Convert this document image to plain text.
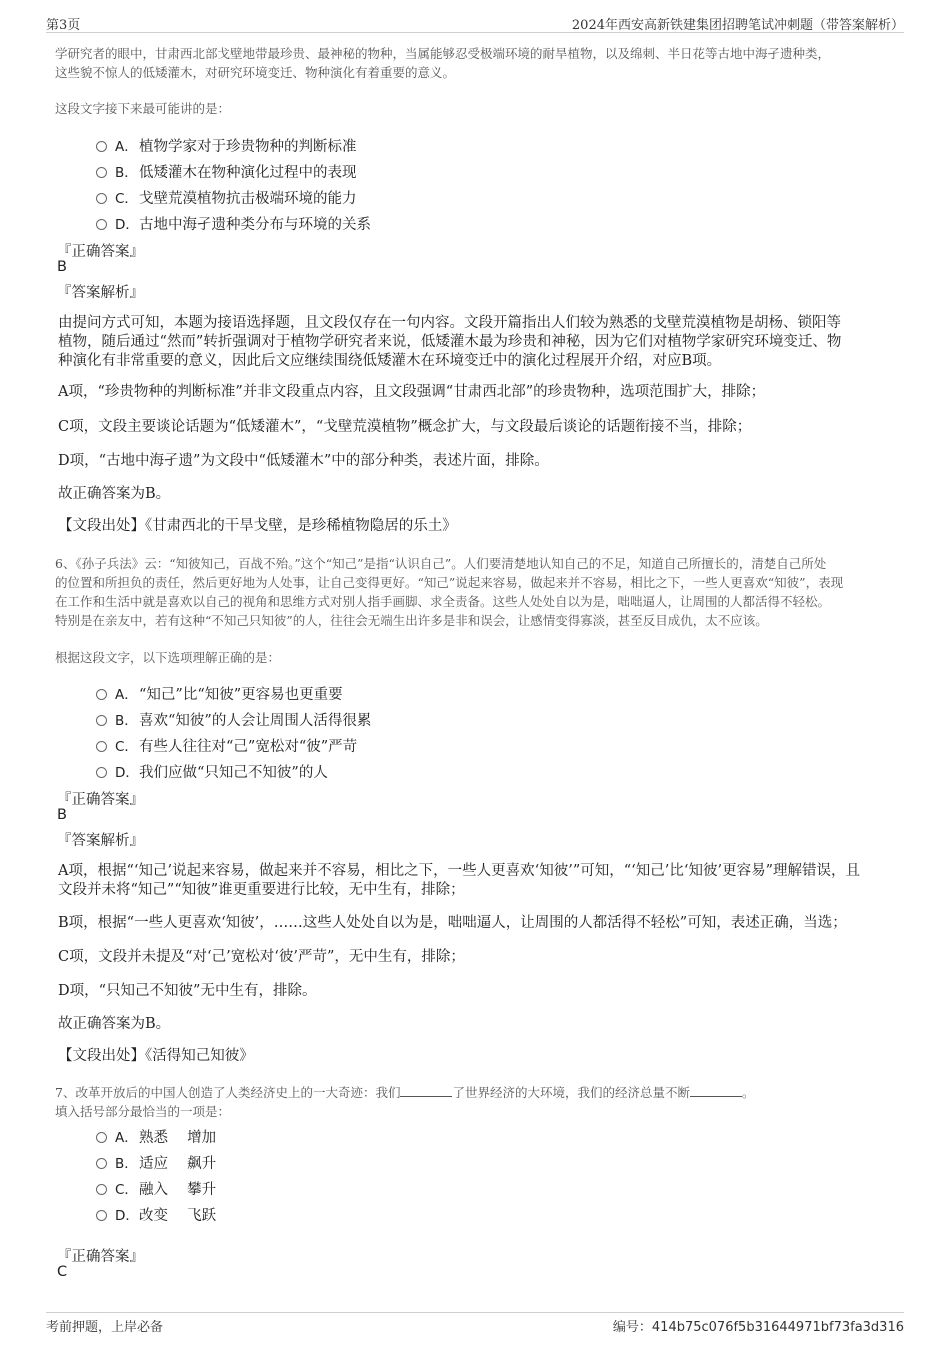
第3页	2024年西安高新铁建集团招聘笔试冲刺题（带答案解析）
学研究者的眼中，甘肃西北部戈壁地带最珍贵、最神秘的物种，当属能够忍受极端环境的耐旱植物，以及绵刺、半日花等古地中海孑遗种类，
这些貌不惊人的低矮灌木，对研究环境变迁、物种演化有着重要的意义。
这段文字接下来最可能讲的是：
A．植物学家对于珍贵物种的判断标准
B．低矮灌木在物种演化过程中的表现
C．戈壁荒漠植物抗击极端环境的能力
D．古地中海孑遗种类分布与环境的关系
『正确答案』
B
『答案解析』
由提问方式可知，本题为接语选择题，且文段仅存在一句内容。文段开篇指出人们较为熟悉的戈壁荒漠植物是胡杨、锁阳等
植物，随后通过“然而”转折强调对于植物学研究者来说，低矮灌木最为珍贵和神秘，因为它们对植物学家研究环境变迁、物
种演化有非常重要的意义，因此后文应继续围绕低矮灌木在环境变迁中的演化过程展开介绍，对应B项。
A项，“珍贵物种的判断标准”并非文段重点内容，且文段强调“甘肃西北部”的珍贵物种，选项范围扩大，排除；
C项，文段主要谈论话题为“低矮灌木”，“戈壁荒漠植物”概念扩大，与文段最后谈论的话题衔接不当，排除；
D项，“古地中海孑遗”为文段中“低矮灌木”中的部分种类，表述片面，排除。
故正确答案为B。
【文段出处】《甘肃西北的干旱戈壁，是珍稀植物隐居的乐土》
6、《孙子兵法》云：“知彼知己，百战不殆。”这个“知己”是指“认识自己”。人们要清楚地认知自己的不足，知道自己所擅长的，清楚自己所处
的位置和所担负的责任，然后更好地为人处事，让自己变得更好。“知己”说起来容易，做起来并不容易，相比之下，一些人更喜欢“知彼”，表现
在工作和生活中就是喜欢以自己的视角和思维方式对别人指手画脚、求全责备。这些人处处自以为是，咄咄逼人，让周围的人都活得不轻松。
特别是在亲友中，若有这种“不知己只知彼”的人，往往会无端生出许多是非和误会，让感情变得寡淡，甚至反目成仇，太不应该。
根据这段文字，以下选项理解正确的是：
A．“知己”比“知彼”更容易也更重要
B．喜欢“知彼”的人会让周围人活得很累
C．有些人往往对“己”宽松对“彼”严苛
D．我们应做“只知己不知彼”的人
『正确答案』
B
『答案解析』
A项，根据“‘知己’说起来容易，做起来并不容易，相比之下，一些人更喜欢‘知彼’”可知，“‘知己’比‘知彼’更容易”理解错误，且
文段并未将“知己”“知彼”谁更重要进行比较，无中生有，排除；
B项，根据“一些人更喜欢‘知彼’，……这些人处处自以为是，咄咄逼人，让周围的人都活得不轻松”可知，表述正确，当选；
C项，文段并未提及“对‘己’宽松对‘彼’严苛”，无中生有，排除；
D项，“只知己不知彼”无中生有，排除。
故正确答案为B。
【文段出处】《活得知己知彼》
7、改革开放后的中国人创造了人类经济史上的一大奇迹：我们	了世界经济的大环境，我们的经济总量不断	。
填入括号部分最恰当的一项是：
A．熟悉　 增加
B．适应　 飙升
C．融入　 攀升
D．改变　 飞跃
『正确答案』
C
考前押题，上岸必备	编号：414b75c076f5b31644971bf73fa3d316
